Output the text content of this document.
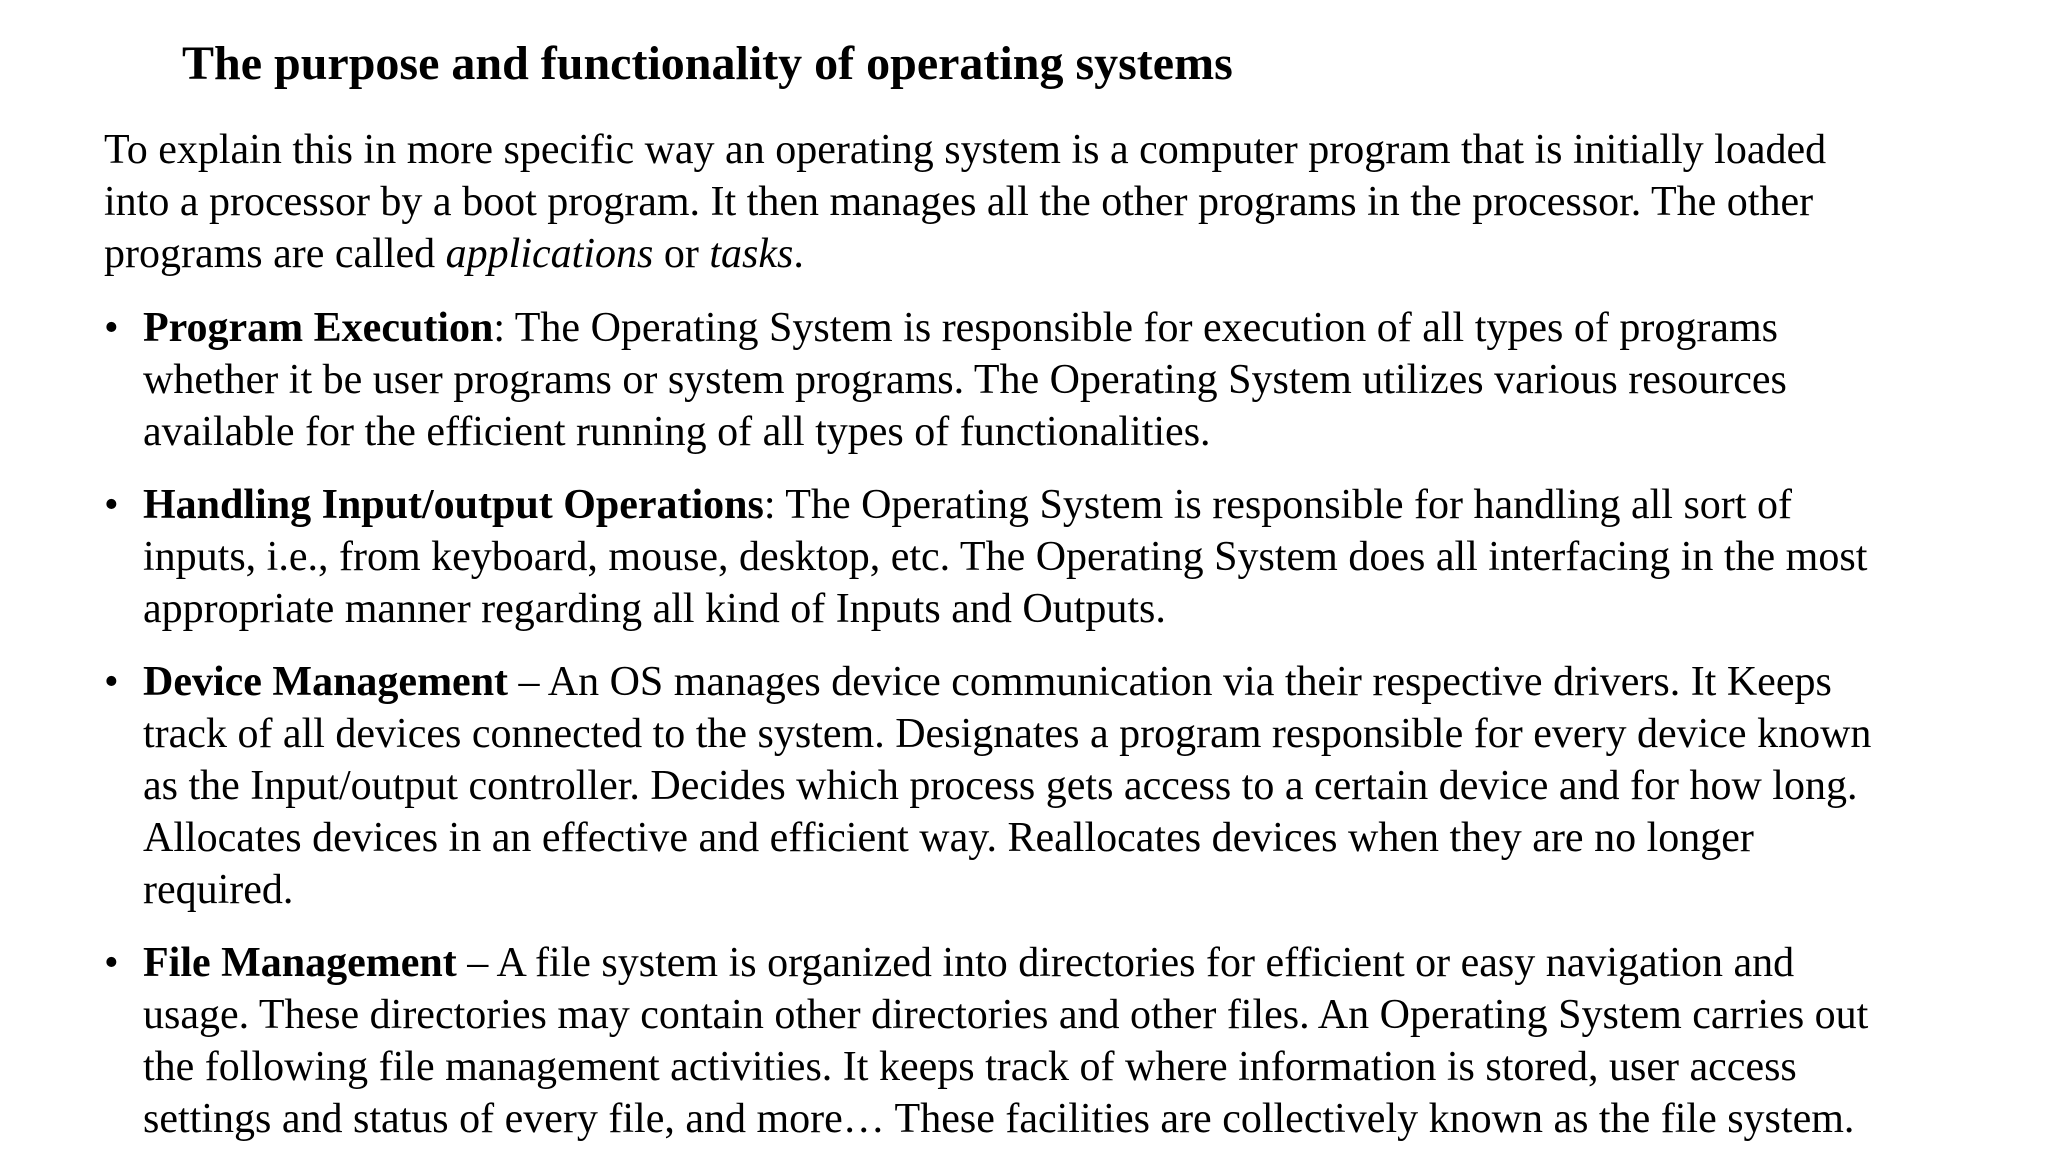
The purpose and functionality of operating systems

To explain this in more specific way an operating system is a computer program that is initially loaded
into a processor by a boot program. It then manages all the other programs in the processor. The other
programs are called applications or tasks.

• Program Execution: The Operating System is responsible for execution of all types of programs
whether it be user programs or system programs. The Operating System utilizes various resources
available for the efficient running of all types of functionalities.
• Handling Input/output Operations: The Operating System is responsible for handling all sort of
inputs, i.e., from keyboard, mouse, desktop, etc. The Operating System does all interfacing in the most
appropriate manner regarding all kind of Inputs and Outputs.
• Device Management – An OS manages device communication via their respective drivers. It Keeps
track of all devices connected to the system. Designates a program responsible for every device known
as the Input/output controller. Decides which process gets access to a certain device and for how long.
Allocates devices in an effective and efficient way. Reallocates devices when they are no longer
required.
• File Management – A file system is organized into directories for efficient or easy navigation and
usage. These directories may contain other directories and other files. An Operating System carries out
the following file management activities. It keeps track of where information is stored, user access
settings and status of every file, and more… These facilities are collectively known as the file system.
